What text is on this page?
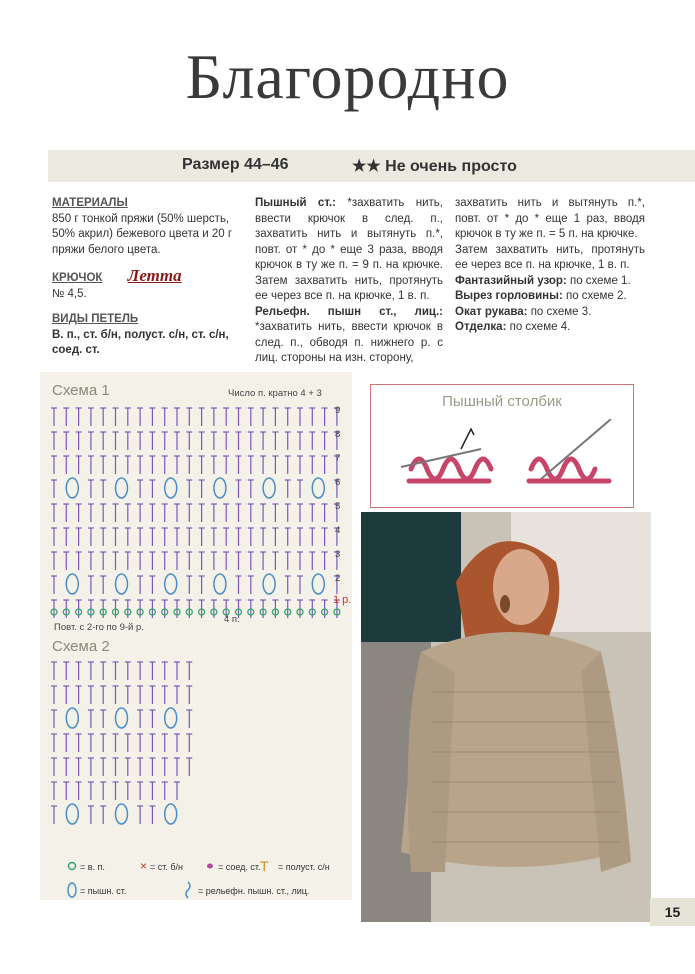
Благородно
Размер 44–46	★★ Не очень просто
МАТЕРИАЛЫ
850 г тонкой пряжи (50% шерсть, 50% акрил) бежевого цвета и 20 г пряжи белого цвета.
КРЮЧОК Летта
№ 4,5.
ВИДЫ ПЕТЕЛЬ
В. п., ст. б/н, полуст. с/н, ст. с/н, соед. ст.
Пышный ст.: *захватить нить, ввести крючок в след. п., захватить нить и вытянуть п.*, повт. от * до * еще 3 раза, вводя крючок в ту же п. = 9 п. на крючке. Затем захватить нить, протянуть ее через все п. на крючке, 1 в. п.
Рельефн. пышн ст., лиц.: *захватить нить, ввести крючок в след. п., обводя п. нижнего р. с лиц. стороны на изн. сторону,
захватить нить и вытянуть п.*, повт. от * до * еще 1 раз, вводя крючок в ту же п. = 5 п. на крючке.
Затем захватить нить, протянуть ее через все п. на крючке, 1 в. п.
Фантазийный узор: по схеме 1.
Вырез горловины: по схеме 2.
Окат рукава: по схеме 3.
Отделка: по схеме 4.
Схема 1	Число п. кратно 4 + 3
9
8
7
6
5
4
3
2
1 р.
4 п.
Повт. с 2-го по 9-й р.
Схема 2
×	T
= в. п.	= ст. б/н	= соед. ст. = полуст. с/н
= пышн. ст.	= рельефн. пышн. ст., лиц.
Пышный столбик
15
